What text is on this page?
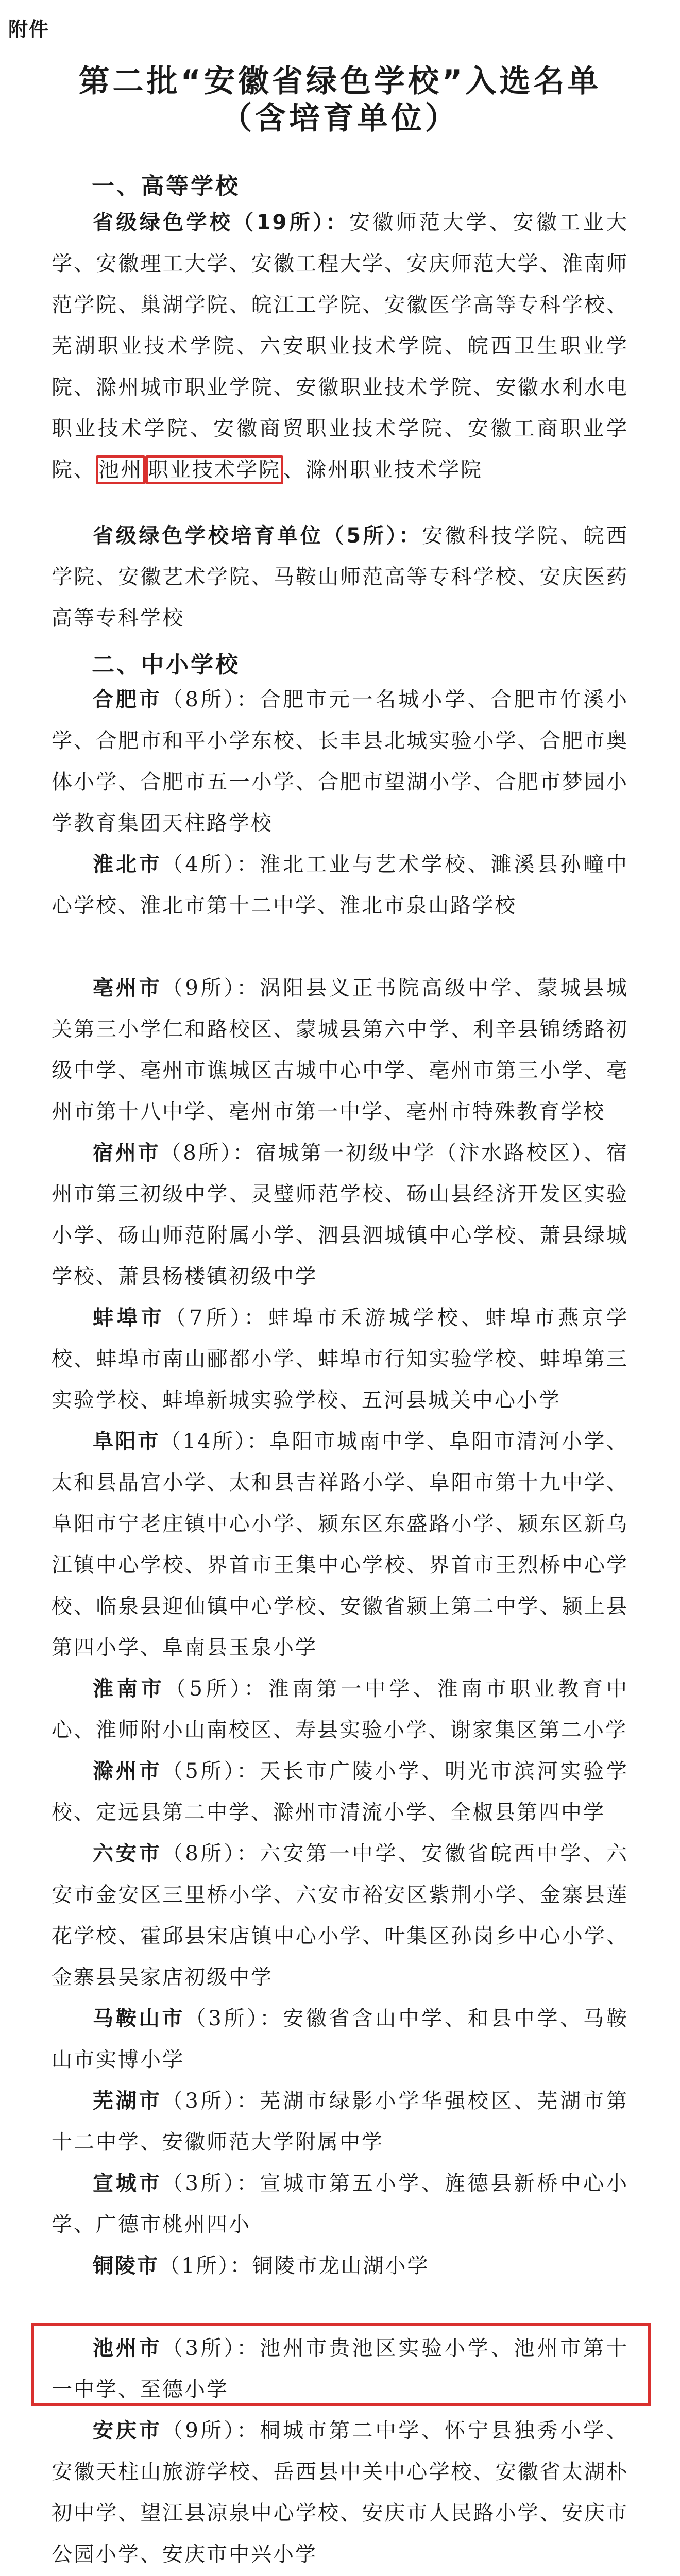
附件
第二批“安徽省绿色学校”入选名单
（含培育单位）
一、高等学校
省级绿色学校（19所）：安徽师范大学、安徽工业大学、安徽理工大学、安徽工程大学、安庆师范大学、淮南师范学院、巢湖学院、皖江工学院、安徽医学高等专科学校、芜湖职业技术学院、六安职业技术学院、皖西卫生职业学院、滁州城市职业学院、安徽职业技术学院、安徽水利水电职业技术学院、安徽商贸职业技术学院、安徽工商职业学院、 池州 职业技术学院 、滁州职业技术学院
省级绿色学校培育单位（5所）：安徽科技学院、皖西学院、安徽艺术学院、马鞍山师范高等专科学校、安庆医药高等专科学校
二、中小学校
合肥市（8所）：合肥市元一名城小学、合肥市竹溪小学、合肥市和平小学东校、长丰县北城实验小学、合肥市奥体小学、合肥市五一小学、合肥市望湖小学、合肥市梦园小学教育集团天柱路学校
淮北市（4所）：淮北工业与艺术学校、濉溪县孙疃中心学校、淮北市第十二中学、淮北市泉山路学校
亳州市（9所）：涡阳县义正书院高级中学、蒙城县城关第三小学仁和路校区、蒙城县第六中学、利辛县锦绣路初级中学、亳州市谯城区古城中心中学、亳州市第三小学、亳州市第十八中学、亳州市第一中学、亳州市特殊教育学校
宿州市（8所）：宿城第一初级中学（汴水路校区）、宿州市第三初级中学、灵璧师范学校、砀山县经济开发区实验小学、砀山师范附属小学、泗县泗城镇中心学校、萧县绿城学校、萧县杨楼镇初级中学
蚌埠市（7所）：蚌埠市禾游城学校、蚌埠市燕京学校、蚌埠市南山郦都小学、蚌埠市行知实验学校、蚌埠第三实验学校、蚌埠新城实验学校、五河县城关中心小学
阜阳市（14所）：阜阳市城南中学、阜阳市清河小学、太和县晶宫小学、太和县吉祥路小学、阜阳市第十九中学、阜阳市宁老庄镇中心小学、颍东区东盛路小学、颍东区新乌江镇中心学校、界首市王集中心学校、界首市王烈桥中心学校、临泉县迎仙镇中心学校、安徽省颍上第二中学、颍上县第四小学、阜南县玉泉小学
淮南市（5所）：淮南第一中学、淮南市职业教育中心、淮师附小山南校区、寿县实验小学、谢家集区第二小学
滁州市（5所）：天长市广陵小学、明光市滨河实验学校、定远县第二中学、滁州市清流小学、全椒县第四中学
六安市（8所）：六安第一中学、安徽省皖西中学、六安市金安区三里桥小学、六安市裕安区紫荆小学、金寨县莲花学校、霍邱县宋店镇中心小学、叶集区孙岗乡中心小学、金寨县吴家店初级中学
马鞍山市（3所）：安徽省含山中学、和县中学、马鞍山市实博小学
芜湖市（3所）：芜湖市绿影小学华强校区、芜湖市第十二中学、安徽师范大学附属中学
宣城市（3所）：宣城市第五小学、旌德县新桥中心小学、广德市桃州四小
铜陵市（1所）：铜陵市龙山湖小学
池州市（3所）：池州市贵池区实验小学、池州市第十一中学、至德小学
安庆市（9所）：桐城市第二中学、怀宁县独秀小学、安徽天柱山旅游学校、岳西县中关中心学校、安徽省太湖朴初中学、望江县凉泉中心学校、安庆市人民路小学、安庆市公园小学、安庆市中兴小学
